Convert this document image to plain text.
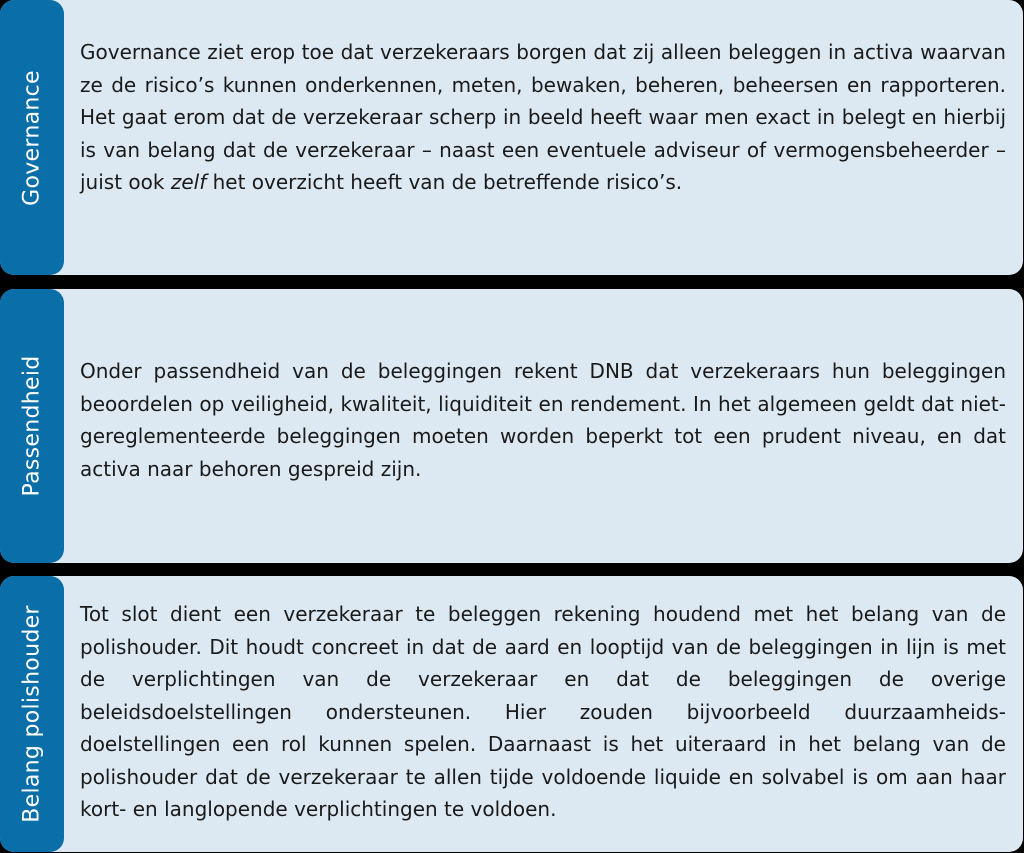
Governance

Governance ziet erop toe dat verzekeraars borgen dat zij alleen beleggen in activa waarvan ze de risico’s kunnen onderkennen, meten, bewaken, beheren, beheersen en rapporteren. Het gaat erom dat de verzekeraar scherp in beeld heeft waar men exact in belegt en hierbij is van belang dat de verzekeraar – naast een eventuele adviseur of vermogensbeheerder – juist ook zelf het overzicht heeft van de betreffende risico’s.

Passendheid Onder passendheid van de beleggingen rekent DNB dat verzekeraars hun beleggingen beoordelen op veiligheid, kwaliteit, liquiditeit en rendement. In het algemeen geldt dat niet-gereglementeerde beleggingen moeten worden beperkt tot een prudent niveau, en dat activa naar behoren gespreid zijn.

Belang polishouder Tot slot dient een verzekeraar te beleggen rekening houdend met het belang van de polishouder. Dit houdt concreet in dat de aard en looptijd van de beleggingen in lijn is met de verplichtingen van de verzekeraar en dat de beleggingen de overige beleidsdoelstellingen ondersteunen. Hier zouden bijvoorbeeld duurzaamheids-doelstellingen een rol kunnen spelen. Daarnaast is het uiteraard in het belang van de polishouder dat de verzekeraar te allen tijde voldoende liquide en solvabel is om aan haar kort- en langlopende verplichtingen te voldoen.
